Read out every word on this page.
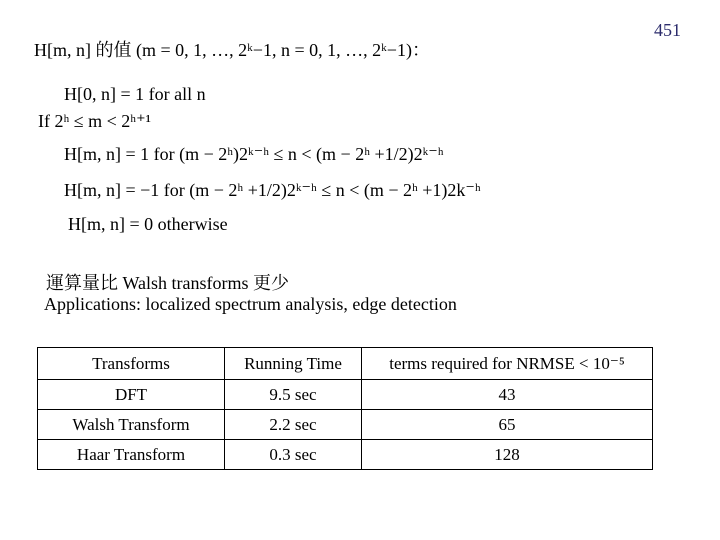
451
H[m, n] 的值 (m = 0, 1, …, 2ᵏ−1, n = 0, 1, …, 2ᵏ−1)：
H[0, n] = 1 for all n
If 2ʰ ≤ m < 2ʰ⁺¹
H[m, n] = 1 for (m − 2ʰ)2ᵏ⁻ʰ ≤ n < (m − 2ʰ +1/2)2ᵏ⁻ʰ
H[m, n] = −1 for (m − 2ʰ +1/2)2ᵏ⁻ʰ ≤ n < (m − 2ʰ +1)2k⁻ʰ
H[m, n] = 0 otherwise
運算量比 Walsh transforms 更少
Applications: localized spectrum analysis, edge detection
Transforms	Running Time	terms required for NRMSE < 10⁻⁵
DFT	9.5 sec	43
Walsh Transform	2.2 sec	65
Haar Transform	0.3 sec	128
